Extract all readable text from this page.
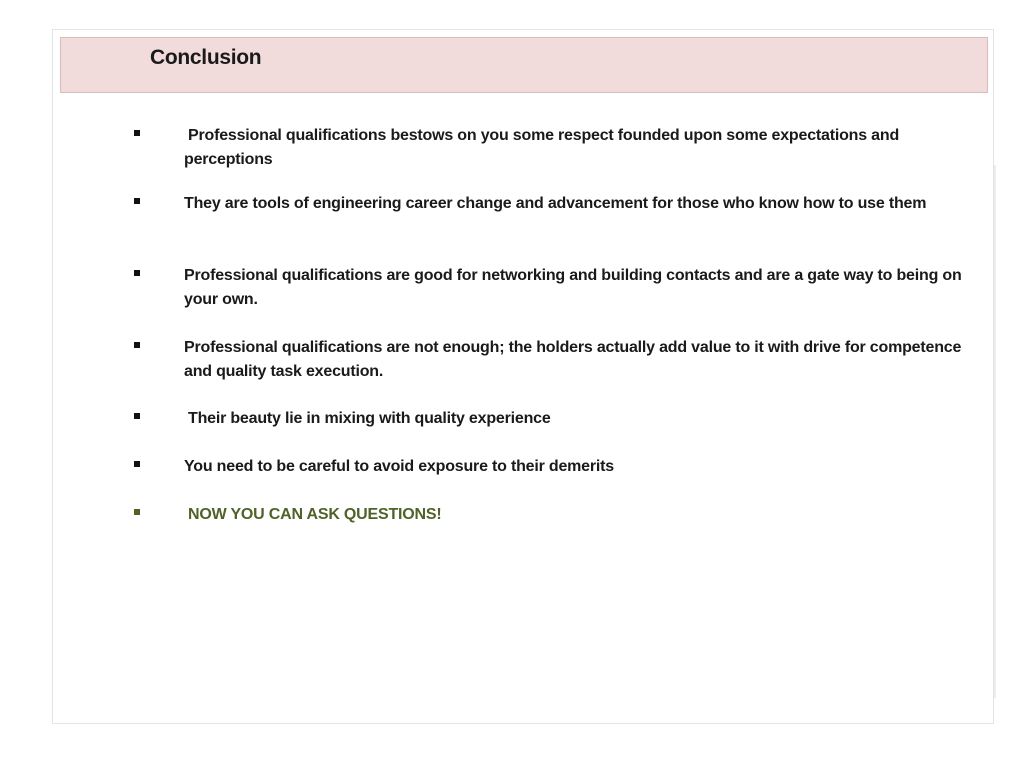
Conclusion
Professional qualifications bestows on you some respect founded upon some expectations and perceptions
They are tools of engineering career change and advancement for those who know how to use them
Professional qualifications are good for networking and building contacts and are a gate way to being on your own.
Professional qualifications are not enough; the holders actually add value to it with drive for competence and quality task execution.
Their beauty lie in mixing with quality experience
You need to be careful to avoid exposure to their demerits
NOW YOU CAN ASK QUESTIONS!
